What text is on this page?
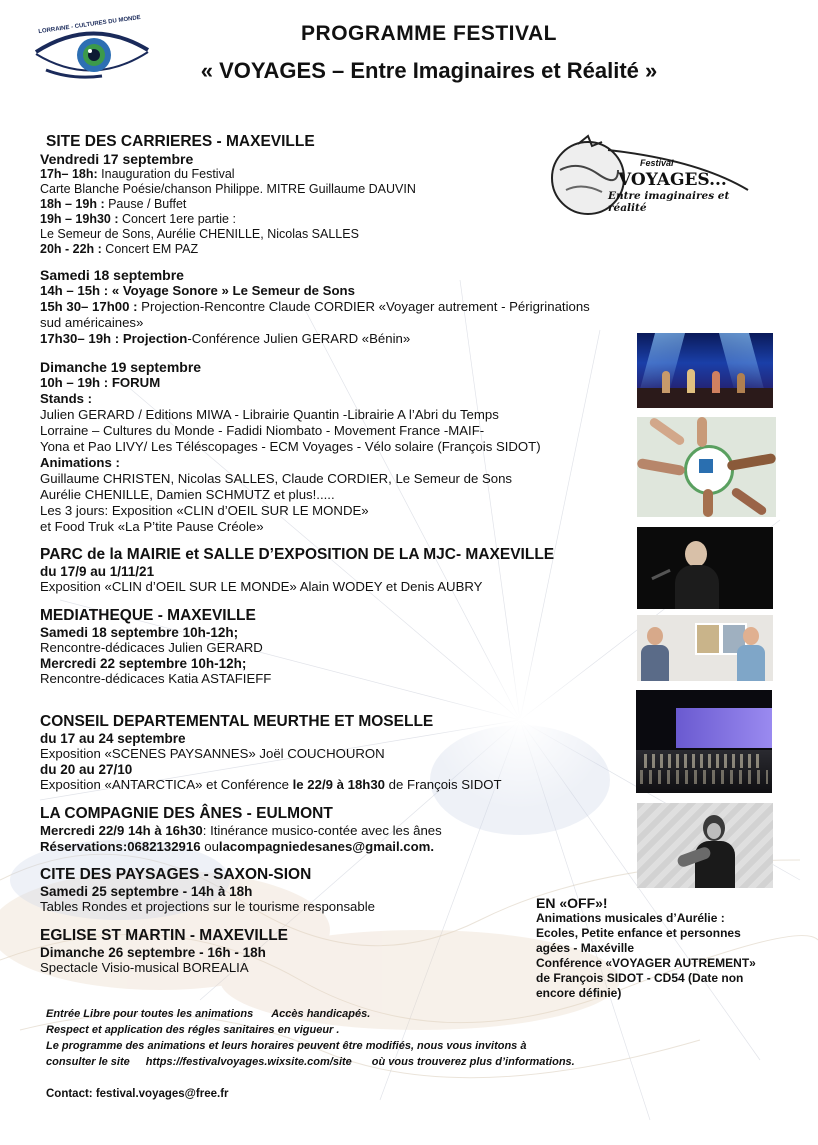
LORRAINE - CULTURES DU MONDE	PROGRAMME FESTIVAL
« VOYAGES – Entre Imaginaires et Réalité »
Festival
VOYAGES...
Entre imaginaires et réalité
SITE DES CARRIERES - MAXEVILLE
Vendredi 17 septembre
17h– 18h: Inauguration du Festival
Carte Blanche Poésie/chanson Philippe. MITRE Guillaume DAUVIN
18h – 19h : Pause / Buffet
19h – 19h30 : Concert 1ere partie :
Le Semeur de Sons, Aurélie CHENILLE, Nicolas SALLES
20h - 22h : Concert EM PAZ
Samedi 18 septembre
14h – 15h : « Voyage Sonore » Le Semeur de Sons
15h 30– 17h00 : Projection-Rencontre Claude CORDIER «Voyager autrement - Périgrinations
sud américaines»
17h30– 19h : Projection-Conférence Julien GERARD «Bénin»
Dimanche 19 septembre
10h – 19h : FORUM
Stands :
Julien GERARD / Editions MIWA - Librairie Quantin -Librairie A l’Abri du Temps
Lorraine – Cultures du Monde - Fadidi Niombato - Movement France -MAIF-
Yona et Pao LIVY/ Les Téléscopages - ECM Voyages - Vélo solaire (François SIDOT)
Animations :
Guillaume CHRISTEN, Nicolas SALLES, Claude CORDIER, Le Semeur de Sons
Aurélie CHENILLE, Damien SCHMUTZ et plus!.....
Les 3 jours: Exposition «CLIN d’OEIL SUR LE MONDE»
et Food Truk «La P’tite Pause Créole»
PARC de la MAIRIE et SALLE D’EXPOSITION DE LA MJC- MAXEVILLE
du 17/9 au 1/11/21
Exposition «CLIN d’OEIL SUR LE MONDE» Alain WODEY et Denis AUBRY
MEDIATHEQUE - MAXEVILLE
Samedi 18 septembre 10h-12h;
Rencontre-dédicaces Julien GERARD
Mercredi 22 septembre 10h-12h;
Rencontre-dédicaces Katia ASTAFIEFF
CONSEIL DEPARTEMENTAL MEURTHE ET MOSELLE
du 17 au 24 septembre
Exposition «SCENES PAYSANNES» Joël COUCHOURON
du 20 au 27/10
Exposition «ANTARCTICA» et Conférence le 22/9 à 18h30 de François SIDOT
LA COMPAGNIE DES ÂNES - EULMONT
Mercredi 22/9 14h à 16h30: Itinérance musico-contée avec les ânes
Réservations:0682132916 oulacompagniedesanes@gmail.com.
CITE DES PAYSAGES - SAXON-SION
Samedi 25 septembre - 14h à 18h
Tables Rondes et projections sur le tourisme responsable
EGLISE ST MARTIN - MAXEVILLE
Dimanche 26 septembre - 16h - 18h
Spectacle Visio-musical BOREALIA
EN «OFF»!
Animations musicales d’Aurélie :
Ecoles, Petite enfance et personnes
agées - Maxéville
Conférence «VOYAGER AUTREMENT»
de François SIDOT - CD54 (Date non
encore définie)
Entrée Libre pour toutes les animations Accès handicapés.
Respect et application des régles sanitaires en vigueur .
Le programme des animations et leurs horaires peuvent être modifiés, nous vous invitons à
consulter le site https://festivalvoyages.wixsite.com/site où vous trouverez plus d’informations.
Contact: festival.voyages@free.fr
